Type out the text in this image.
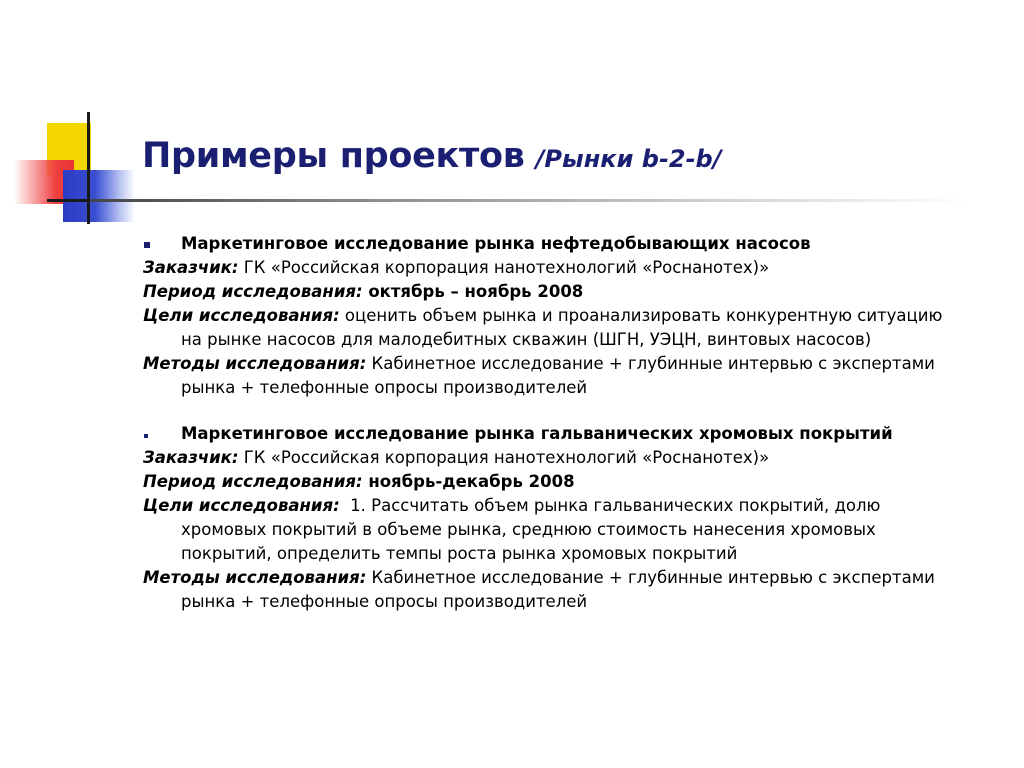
Примеры проектов /Рынки b-2-b/
Маркетинговое исследование рынка нефтедобывающих насосов
Заказчик: ГК «Российская корпорация нанотехнологий «Роснанотех)»
Период исследования: октябрь – ноябрь 2008
Цели исследования: оценить объем рынка и проанализировать конкурентную ситуацию
на рынке насосов для малодебитных скважин (ШГН, УЭЦН, винтовых насосов)
Методы исследования: Кабинетное исследование + глубинные интервью с экспертами
рынка + телефонные опросы производителей
Маркетинговое исследование рынка гальванических хромовых покрытий
Заказчик: ГК «Российская корпорация нанотехнологий «Роснанотех)»
Период исследования: ноябрь-декабрь 2008
Цели исследования:  1. Рассчитать объем рынка гальванических покрытий, долю
хромовых покрытий в объеме рынка, среднюю стоимость нанесения хромовых
покрытий, определить темпы роста рынка хромовых покрытий
Методы исследования: Кабинетное исследование + глубинные интервью с экспертами
рынка + телефонные опросы производителей
